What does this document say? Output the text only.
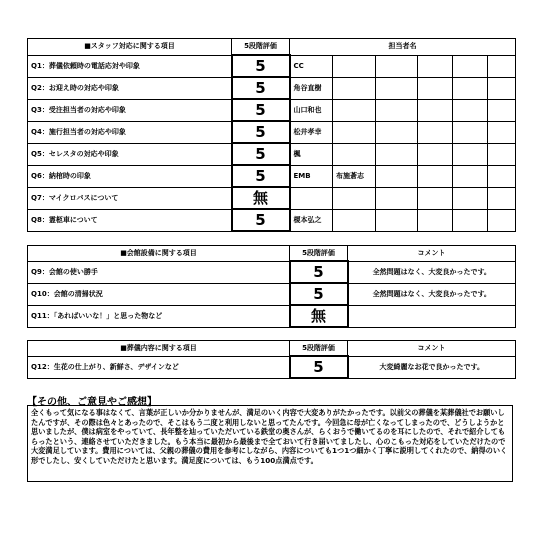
■スタッフ対応に関する項目	5段階評価	担当者名					
Q1：葬儀依頼時の電話応対や印象	5	CC					
Q2：お迎え時の対応や印象	5	角谷直樹					
Q3：受注担当者の対応や印象	5	山口和也					
Q4：施行担当者の対応や印象	5	松井孝幸					
Q5：セレスタの対応や印象	5	楓					
Q6：納棺時の印象	5	EMB	布施蒼志				
Q7：マイクロバスについて	無						
Q8：霊柩車について	5	榎本弘之					
■会館設備に関する項目	5段階評価	コメント
Q9：会館の使い勝手	5	全然問題はなく、大変良かったです。
Q10：会館の清掃状況	5	全然問題はなく、大変良かったです。
Q11：「あればいいな！」と思った物など	無	
■葬儀内容に関する項目	5段階評価	コメント
Q12：生花の仕上がり、新鮮さ、デザインなど	5	大変綺麗なお花で良かったです。
【その他、ご意見やご感想】
全くもって気になる事はなくて、言葉が正しいか分かりませんが、満足のいく内容で大変ありがたかったです。以前父の葬儀を某葬儀社でお願いしたんですが、その際は色々とあったので、そこはもう二度と利用しないと思ってたんです。今回急に母が亡くなってしまったので、どうしようかと思いましたが、僕は病室をやっていて、長年整を辿っていただいている鉄堂の奥さんが、らくおうで働いてるのを耳にしたので、それで紹介してもらったという、連絡させていただきました。もう本当に最初から最後まで全ておいて行き届いてましたし、心のこもった対応をしていただけたので大変満足しています。費用については、父親の葬儀の費用を参考にしながら、内容についても1つ1つ細かく丁寧に説明してくれたので、納得のいく形でしたし、安くしていただけたと思います。満足度については、もう100点満点です。
